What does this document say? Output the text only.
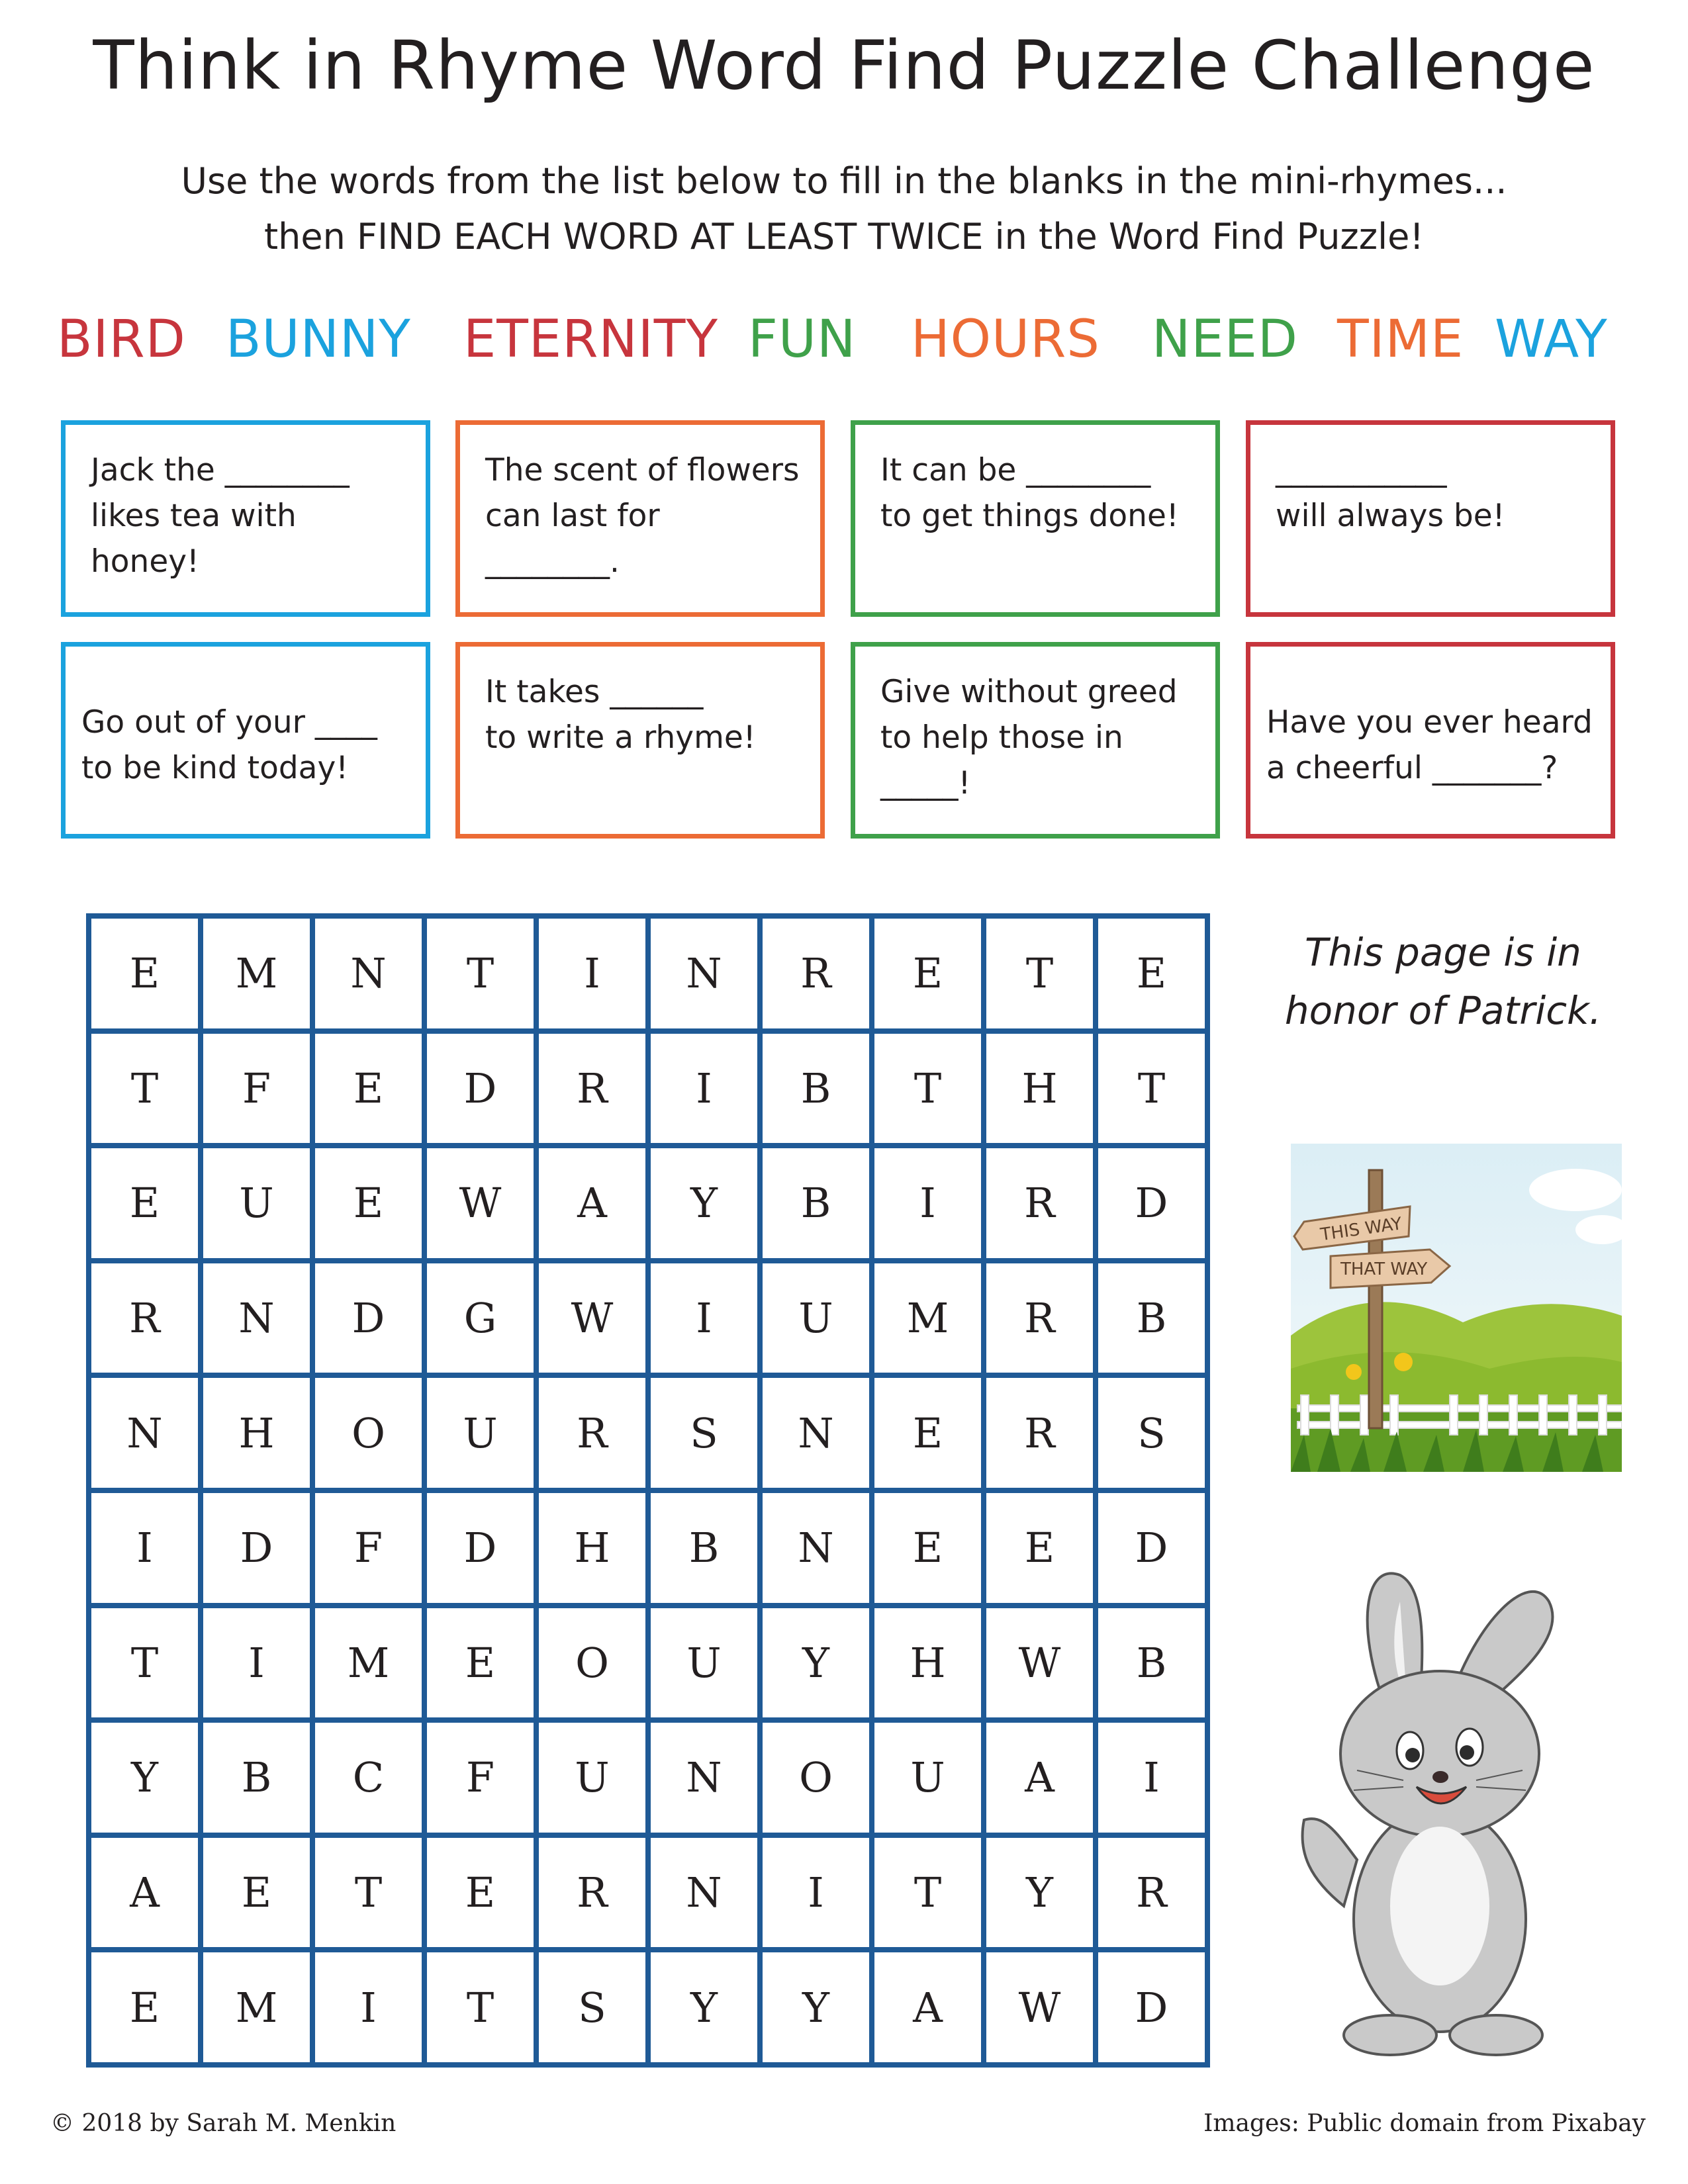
Think in Rhyme Word Find Puzzle Challenge
Use the words from the list below to fill in the blanks in the mini-rhymes...
then FIND EACH WORD AT LEAST TWICE in the Word Find Puzzle!
BIRD BUNNY ETERNITY FUN HOURS NEED TIME WAY
Jack the ________
likes tea with honey!
The scent of flowers
can last for
________.
It can be ________
to get things done!
___________
will always be!
Go out of your ____
to be kind today!
It takes ______
to write a rhyme!
Give without greed
to help those in
_____!
Have you ever heard
a cheerful _______?
E	M	N	T	I	N	R	E	T	E
T	F	E	D	R	I	B	T	H	T
E	U	E	W	A	Y	B	I	R	D
R	N	D	G	W	I	U	M	R	B
N	H	O	U	R	S	N	E	R	S
I	D	F	D	H	B	N	E	E	D
T	I	M	E	O	U	Y	H	W	B
Y	B	C	F	U	N	O	U	A	I
A	E	T	E	R	N	I	T	Y	R
E	M	I	T	S	Y	Y	A	W	D
This page is in
honor of Patrick.
THIS WAY
THAT WAY
© 2018 by Sarah M. Menkin	Images: Public domain from Pixabay
